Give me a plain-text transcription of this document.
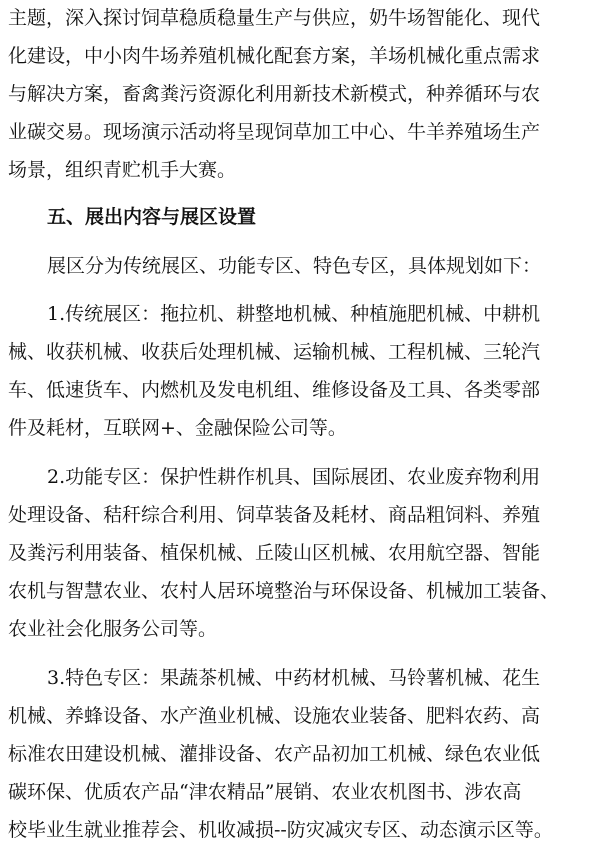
主题，深入探讨饲草稳质稳量生产与供应，奶牛场智能化、现代

化建设，中小肉牛场养殖机械化配套方案，羊场机械化重点需求

与解决方案，畜禽粪污资源化利用新技术新模式，种养循环与农

业碳交易。现场演示活动将呈现饲草加工中心、牛羊养殖场生产

场景，组织青贮机手大赛。

五、展出内容与展区设置

展区分为传统展区、功能专区、特色专区，具体规划如下：

1.传统展区：拖拉机、耕整地机械、种植施肥机械、中耕机

械、收获机械、收获后处理机械、运输机械、工程机械、三轮汽

车、低速货车、内燃机及发电机组、维修设备及工具、各类零部

件及耗材，互联网+、金融保险公司等。

2.功能专区：保护性耕作机具、国际展团、农业废弃物利用

处理设备、秸秆综合利用、饲草装备及耗材、商品粗饲料、养殖

及粪污利用装备、植保机械、丘陵山区机械、农用航空器、智能

农机与智慧农业、农村人居环境整治与环保设备、机械加工装备、

农业社会化服务公司等。

3.特色专区：果蔬茶机械、中药材机械、马铃薯机械、花生

机械、养蜂设备、水产渔业机械、设施农业装备、肥料农药、高

标准农田建设机械、灌排设备、农产品初加工机械、绿色农业低

碳环保、优质农产品“津农精品”展销、农业农机图书、涉农高

校毕业生就业推荐会、机收减损--防灾减灾专区、动态演示区等。
